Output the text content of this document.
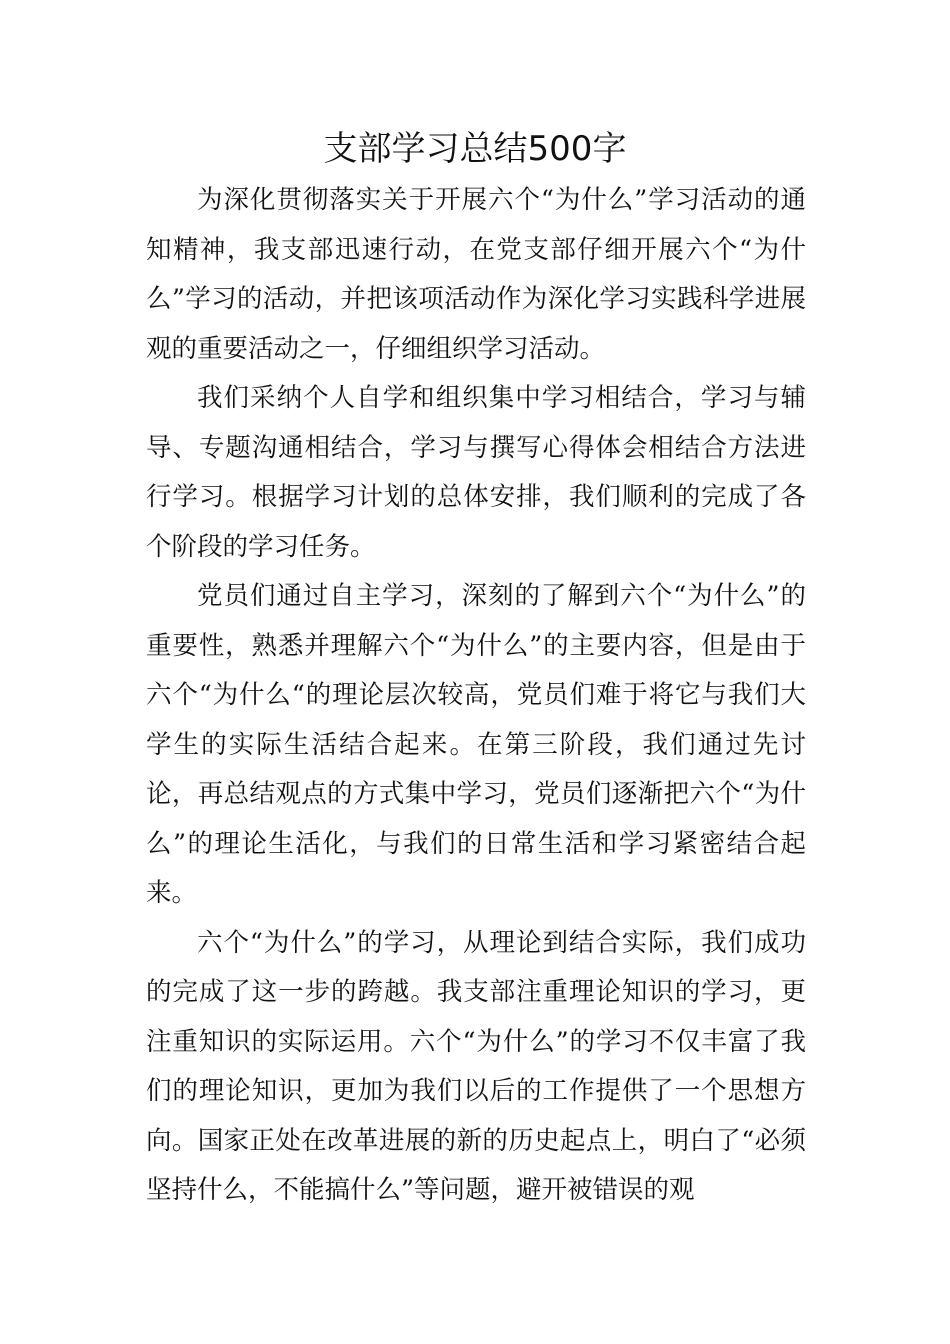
支部学习总结500字

为深化贯彻落实关于开展六个“为什么”学习活动的通知精神，我支部迅速行动，在党支部仔细开展六个“为什么”学习的活动，并把该项活动作为深化学习实践科学进展观的重要活动之一，仔细组织学习活动。

我们采纳个人自学和组织集中学习相结合，学习与辅导、专题沟通相结合，学习与撰写心得体会相结合方法进行学习。根据学习计划的总体安排，我们顺利的完成了各个阶段的学习任务。

党员们通过自主学习，深刻的了解到六个“为什么”的重要性，熟悉并理解六个“为什么”的主要内容，但是由于六个“为什么“的理论层次较高，党员们难于将它与我们大学生的实际生活结合起来。在第三阶段，我们通过先讨论，再总结观点的方式集中学习，党员们逐渐把六个“为什么”的理论生活化，与我们的日常生活和学习紧密结合起来。

六个“为什么”的学习，从理论到结合实际，我们成功的完成了这一步的跨越。我支部注重理论知识的学习，更注重知识的实际运用。六个“为什么”的学习不仅丰富了我们的理论知识，更加为我们以后的工作提供了一个思想方向。国家正处在改革进展的新的历史起点上，明白了“必须坚持什么，不能搞什么”等问题，避开被错误的观
